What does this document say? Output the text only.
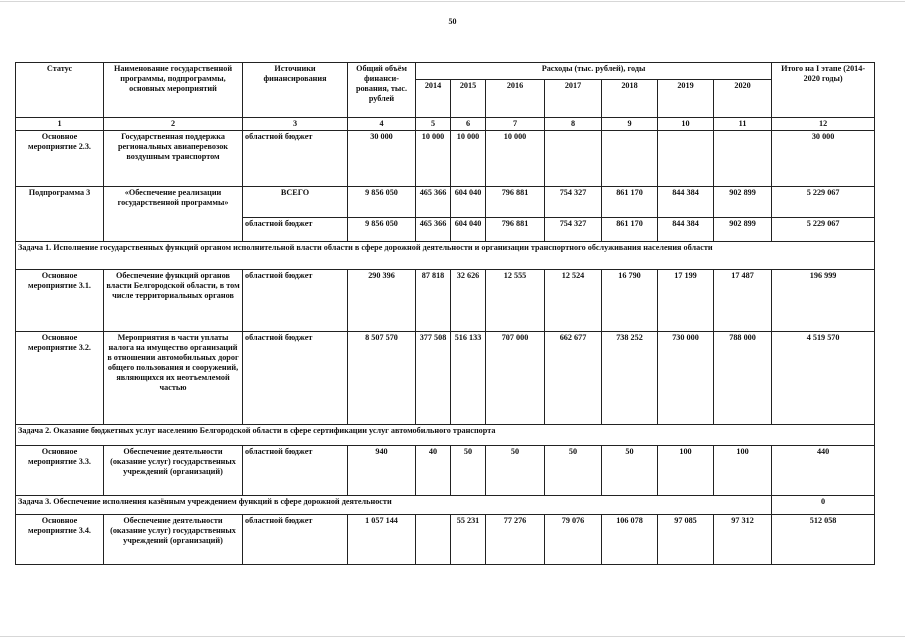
50
Статус	Наименование государственной программы, подпрограммы, основных мероприятий	Источники финансирования	Общий объём финанси-рования, тыс. рублей	Расходы (тыс. рублей), годы							Итого на I этапе (2014-2020 годы)
				2014	2015	2016	2017	2018	2019	2020	
1	2	3	4	5	6	7	8	9	10	11	12
Основное мероприятие 2.3.	Государственная поддержка региональных авиаперевозок воздушным транспортом	областной бюджет	30 000	10 000	10 000	10 000					30 000
Подпрограмма 3	«Обеспечение реализации государственной программы»	ВСЕГО	9 856 050	465 366	604 040	796 881	754 327	861 170	844 384	902 899	5 229 067
		областной бюджет	9 856 050	465 366	604 040	796 881	754 327	861 170	844 384	902 899	5 229 067
Задача 1. Исполнение государственных функций органом исполнительной власти области в сфере дорожной деятельности и организации транспортного обслуживания населения области											
Основное мероприятие 3.1.	Обеспечение функций органов власти Белгородской области, в том числе территориальных органов	областной бюджет	290 396	87 818	32 626	12 555	12 524	16 790	17 199	17 487	196 999
Основное мероприятие 3.2.	Мероприятия в части уплаты налога на имущество организаций в отношении автомобильных дорог общего пользования и сооружений, являющихся их неотъемлемой частью	областной бюджет	8 507 570	377 508	516 133	707 000	662 677	738 252	730 000	788 000	4 519 570
Задача 2. Оказание бюджетных услуг населению Белгородской области в сфере сертификации услуг автомобильного транспорта											
Основное мероприятие 3.3.	Обеспечение деятельности (оказание услуг) государственных учреждений (организаций)	областной бюджет	940	40	50	50	50	50	100	100	440
Задача 3. Обеспечение исполнения казённым учреждением функций в сфере дорожной деятельности											0
Основное мероприятие 3.4.	Обеспечение деятельности (оказание услуг) государственных учреждений (организаций)	областной бюджет	1 057 144		55 231	77 276	79 076	106 078	97 085	97 312	512 058
